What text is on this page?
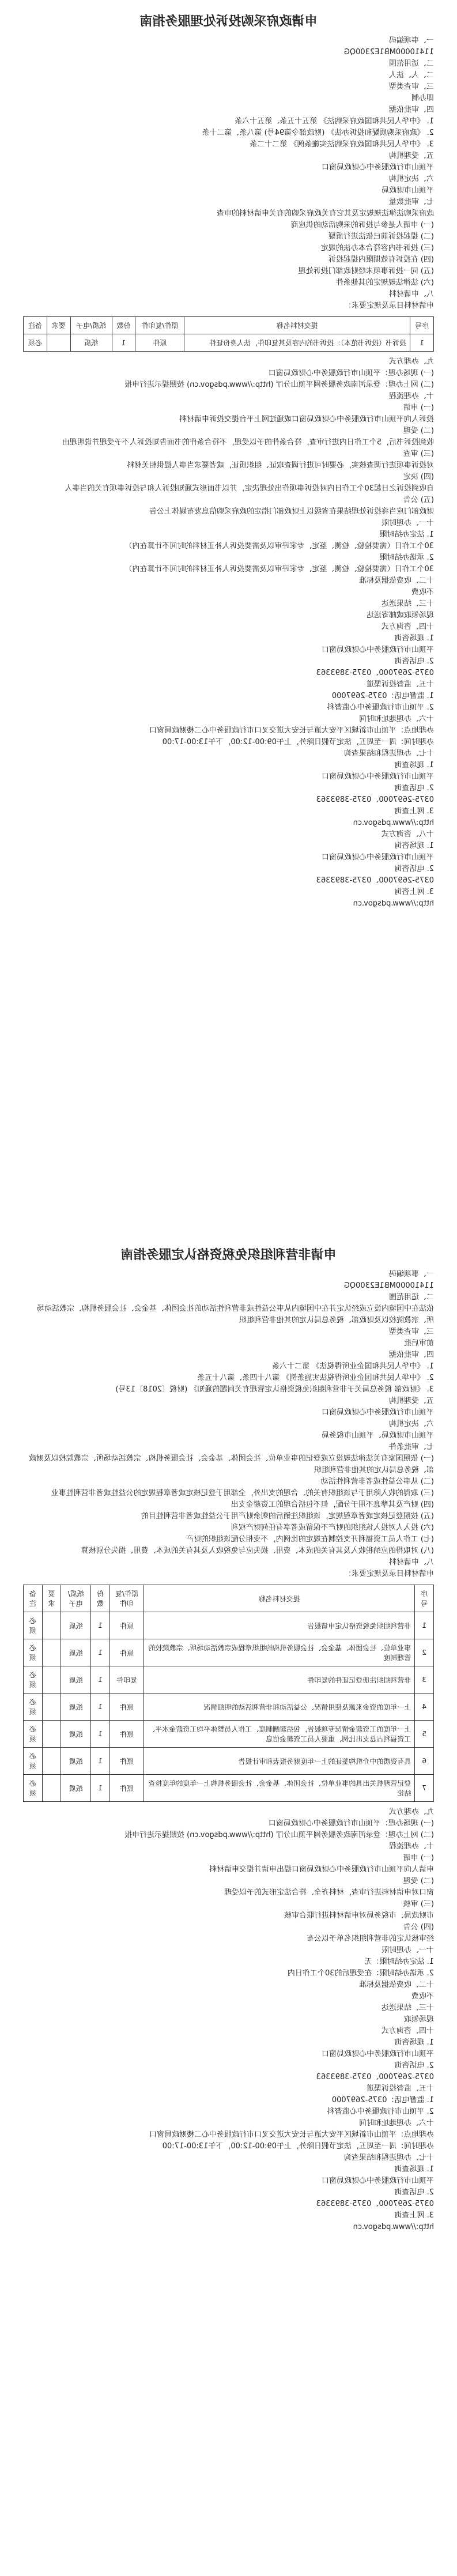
申请政府采购投诉处理服务指南

一、事项编码

11410000MB1E2300QG

二、适用范围

二、人、法人

三、审查类型

即办制

四、审批依据

1. 《中华人民共和国政府采购法》 第五十五条、第五十六条

2. 《政府采购质疑和投诉办法》 (财政部令第94号) 第八条、第二十条

3. 《中华人民共和国政府采购法实施条例》 第二十二条

五、受理机构

平顶山市行政服务中心财政局窗口

六、决定机构

平顶山市财政局

七、审批数量

政府采购法律法规规定及其它有关政府采购的有关申请材料的审查

(一) 申请人是参与投诉的采购活动的供应商

(二) 提起投诉前已依法进行质疑

(三) 投诉书内容符合本办法的规定

(四) 在投诉有效期限内提起投诉

(五) 同一投诉事项未经财政部门投诉处理

(六) 法律法规规定的其他条件

八、申请材料

申请材料目录及规定要求：

序号	提交材料名称	原件/复印件	份数	纸质/电子	要求	备注
1	投诉书（投诉书范本）：投诉书的内容及其复印件，法人身份证件	原件	1	纸质		必须

九、办理方式

(一) 现场办理：平顶山市行政服务中心财政局窗口

(二) 网上办理：登录河南政务服务网平顶山分厅 (http://www.pdsgov.cn) 按照提示进行申报

十、办理流程

(一) 申请

投诉人向平顶山市行政服务中心财政局窗口或通过网上平台提交投诉申请材料

(二) 受理

收到投诉书后，5个工作日内进行审查，符合条件的予以受理，不符合条件的书面告知投诉人不予受理并说明理由

(三) 审查

对投诉事项进行调查核实，必要时可进行调查取证、组织质证，或者要求当事人提供相关材料

(四) 决定

自收到投诉之日起30个工作日内对投诉事项作出处理决定，并以书面形式通知投诉人和与投诉事项有关的当事人

(五) 公告

财政部门应当将投诉处理结果在省级以上财政部门指定的政府采购信息发布媒体上公告

十一、办理时限

1. 法定办结时限

30个工作日（需要检验、检测、鉴定、专家评审以及需要投诉人补正材料的时间不计算在内）

2. 承诺办结时限

30个工作日（需要检验、检测、鉴定、专家评审以及需要投诉人补正材料的时间不计算在内）

十二、收费依据及标准

不收费

十三、结果送达

现场领取或邮寄送达

十四、咨询方式

1. 现场咨询

平顶山市行政服务中心财政局窗口

2. 电话咨询

0375-2697000、0375-3893363

十五、监督投诉渠道

1. 监督电话：0375-2697000

2. 平顶山市行政服务中心监督科

十六、办理地址和时间

办理地点：平顶山市新城区平安大道与长安大道交叉口市行政服务中心二楼财政局窗口

办理时间：周一至周五，法定节假日除外，上午09:00-12:00，下午13:00-17:00

十七、办理进程和结果查询

1. 现场查询

平顶山市行政服务中心财政局窗口

2. 电话查询

0375-2697000、0375-3893363

3. 网上查询

http://www.pdsgov.cn

十八、咨询方式

1. 现场咨询

平顶山市行政服务中心财政局窗口

2. 电话咨询

0375-2697000、0375-3893363

3. 网上咨询

http://www.pdsgov.cn

申请非营利组织免税资格认定服务指南

一、事项编码

11410000MB1E2300QG

二、适用范围

依法在中国境内设立或经认定并在中国境内从事公益性或非营利性活动的社会团体、基金会、社会服务机构、宗教活动场所、宗教院校以及财政部、税务总局认定的其他非营利组织

三、审查类型

前审后批

四、审批依据

1. 《中华人民共和国企业所得税法》 第二十六条

2. 《中华人民共和国企业所得税法实施条例》 第八十四条、第八十五条

3. 《财政部 税务总局关于非营利组织免税资格认定管理有关问题的通知》 (财税〔2018〕13号)

五、受理机构

平顶山市行政服务中心财政局窗口

六、决定机构

平顶山市财政局、平顶山市税务局

七、审批条件

(一) 依照国家有关法律法规设立或登记的事业单位、社会团体、基金会、社会服务机构、宗教活动场所、宗教院校以及财政部、税务总局认定的其他非营利组织

(二) 从事公益性或者非营利性活动

(三) 取得的收入除用于与该组织有关的、合理的支出外，全部用于登记核定或者章程规定的公益性或者非营利性事业

(四) 财产及其孳息不用于分配，但不包括合理的工资薪金支出

(五) 按照登记核定或者章程规定，该组织注销后的剩余财产用于公益性或者非营利性目的

(六) 投入人对投入该组织的财产不保留或者享有任何财产权利

(七) 工作人员工资福利开支控制在规定的比例内，不变相分配该组织的财产

(八) 对取得的应纳税收入及其有关的成本、费用、损失应与免税收入及其有关的成本、费用、损失分别核算

八、申请材料

申请材料目录及规定要求：

序号	提交材料名称	原件/复印件	份数	纸质/电子	要求	备注
1	非营利组织免税资格认定申请报告	原件	1	纸质		必须
2	事业单位、社会团体、基金会、社会服务机构的组织章程或宗教活动场所、宗教院校的管理制度	原件	1	纸质		必须
3	非营利组织注册登记证件的复印件	复印件	1	纸质		必须
4	上一年度的资金来源及使用情况、公益活动和非营利活动的明细情况	原件	1	纸质		必须
5	上一年度的工资薪金情况专项报告，包括薪酬制度、工作人员整体平均工资薪金水平、工资福利占总支出比例、重要人员工资薪金信息	原件	1	纸质		必须
6	具有资质的中介机构鉴证的上一年度财务报表和审计报告	原件	1	纸质		必须
7	登记管理机关出具的事业单位、社会团体、基金会、社会服务机构上一年度的年度检查结论	原件	1	纸质		必须

九、办理方式

(一) 现场办理：平顶山市行政服务中心财政局窗口

(二) 网上办理：登录河南政务服务网平顶山分厅 (http://www.pdsgov.cn) 按照提示进行申报

十、办理流程

(一) 申请

申请人向平顶山市行政服务中心财政局窗口提出申请并提交申请材料

(二) 受理

窗口对申请材料进行审查，材料齐全、符合法定形式的予以受理

(三) 审核

市财政局、市税务局对申请材料进行联合审核

(四) 公告

经审核认定的非营利组织名单予以公布

十一、办理时限

1. 法定办结时限：无

2. 承诺办结时限：在受理后的30个工作日内

十二、收费依据及标准

不收费

十三、结果送达

现场领取

十四、咨询方式

1. 现场咨询

平顶山市行政服务中心财政局窗口

2. 电话咨询

0375-2697000、0375-3893363

十五、监督投诉渠道

1. 监督电话：0375-2697000

2. 平顶山市行政服务中心监督科

十六、办理地址和时间

办理地点：平顶山市新城区平安大道与长安大道交叉口市行政服务中心二楼财政局窗口

办理时间：周一至周五，法定节假日除外，上午09:00-12:00，下午13:00-17:00

十七、办理进程和结果查询

1. 现场查询

平顶山市行政服务中心财政局窗口

2. 电话查询

0375-2697000、0375-3893363

3. 网上查询

http://www.pdsgov.cn
